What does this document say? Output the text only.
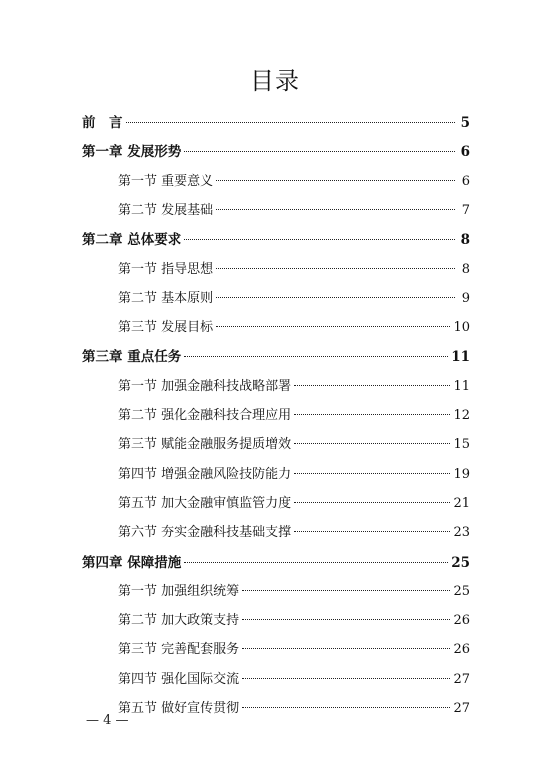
目录
前　言	5
第一章 发展形势	6
第一节 重要意义	6
第二节 发展基础	7
第二章 总体要求	8
第一节 指导思想	8
第二节 基本原则	9
第三节 发展目标	10
第三章 重点任务	11
第一节 加强金融科技战略部署	11
第二节 强化金融科技合理应用	12
第三节 赋能金融服务提质增效	15
第四节 增强金融风险技防能力	19
第五节 加大金融审慎监管力度	21
第六节 夯实金融科技基础支撑	23
第四章 保障措施	25
第一节 加强组织统筹	25
第二节 加大政策支持	26
第三节 完善配套服务	26
第四节 强化国际交流	27
第五节 做好宣传贯彻	27
— 4 —
